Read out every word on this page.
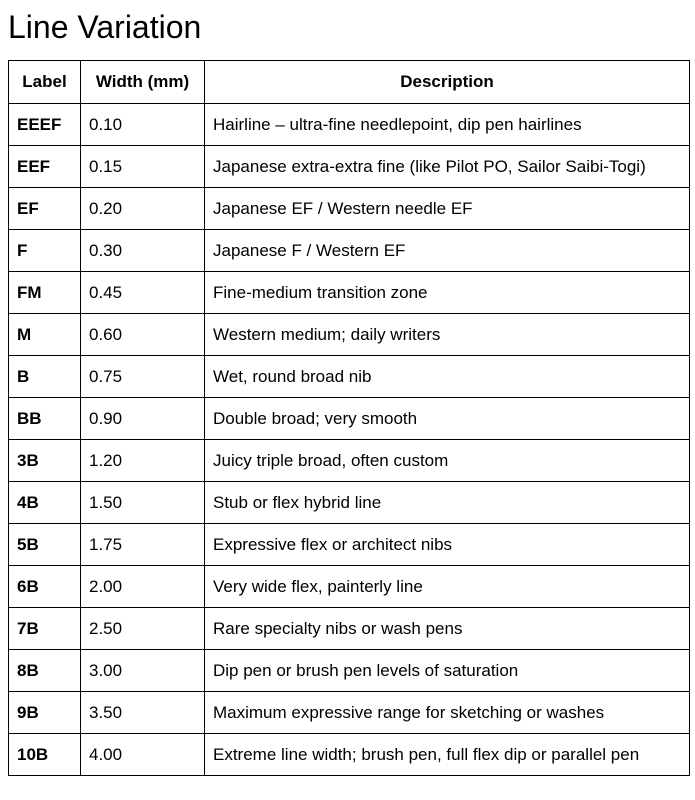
Line Variation
Label	Width (mm)	Description
EEEF	0.10	Hairline – ultra-fine needlepoint, dip pen hairlines
EEF	0.15	Japanese extra-extra fine (like Pilot PO, Sailor Saibi-Togi)
EF	0.20	Japanese EF / Western needle EF
F	0.30	Japanese F / Western EF
FM	0.45	Fine-medium transition zone
M	0.60	Western medium; daily writers
B	0.75	Wet, round broad nib
BB	0.90	Double broad; very smooth
3B	1.20	Juicy triple broad, often custom
4B	1.50	Stub or flex hybrid line
5B	1.75	Expressive flex or architect nibs
6B	2.00	Very wide flex, painterly line
7B	2.50	Rare specialty nibs or wash pens
8B	3.00	Dip pen or brush pen levels of saturation
9B	3.50	Maximum expressive range for sketching or washes
10B	4.00	Extreme line width; brush pen, full flex dip or parallel pen
